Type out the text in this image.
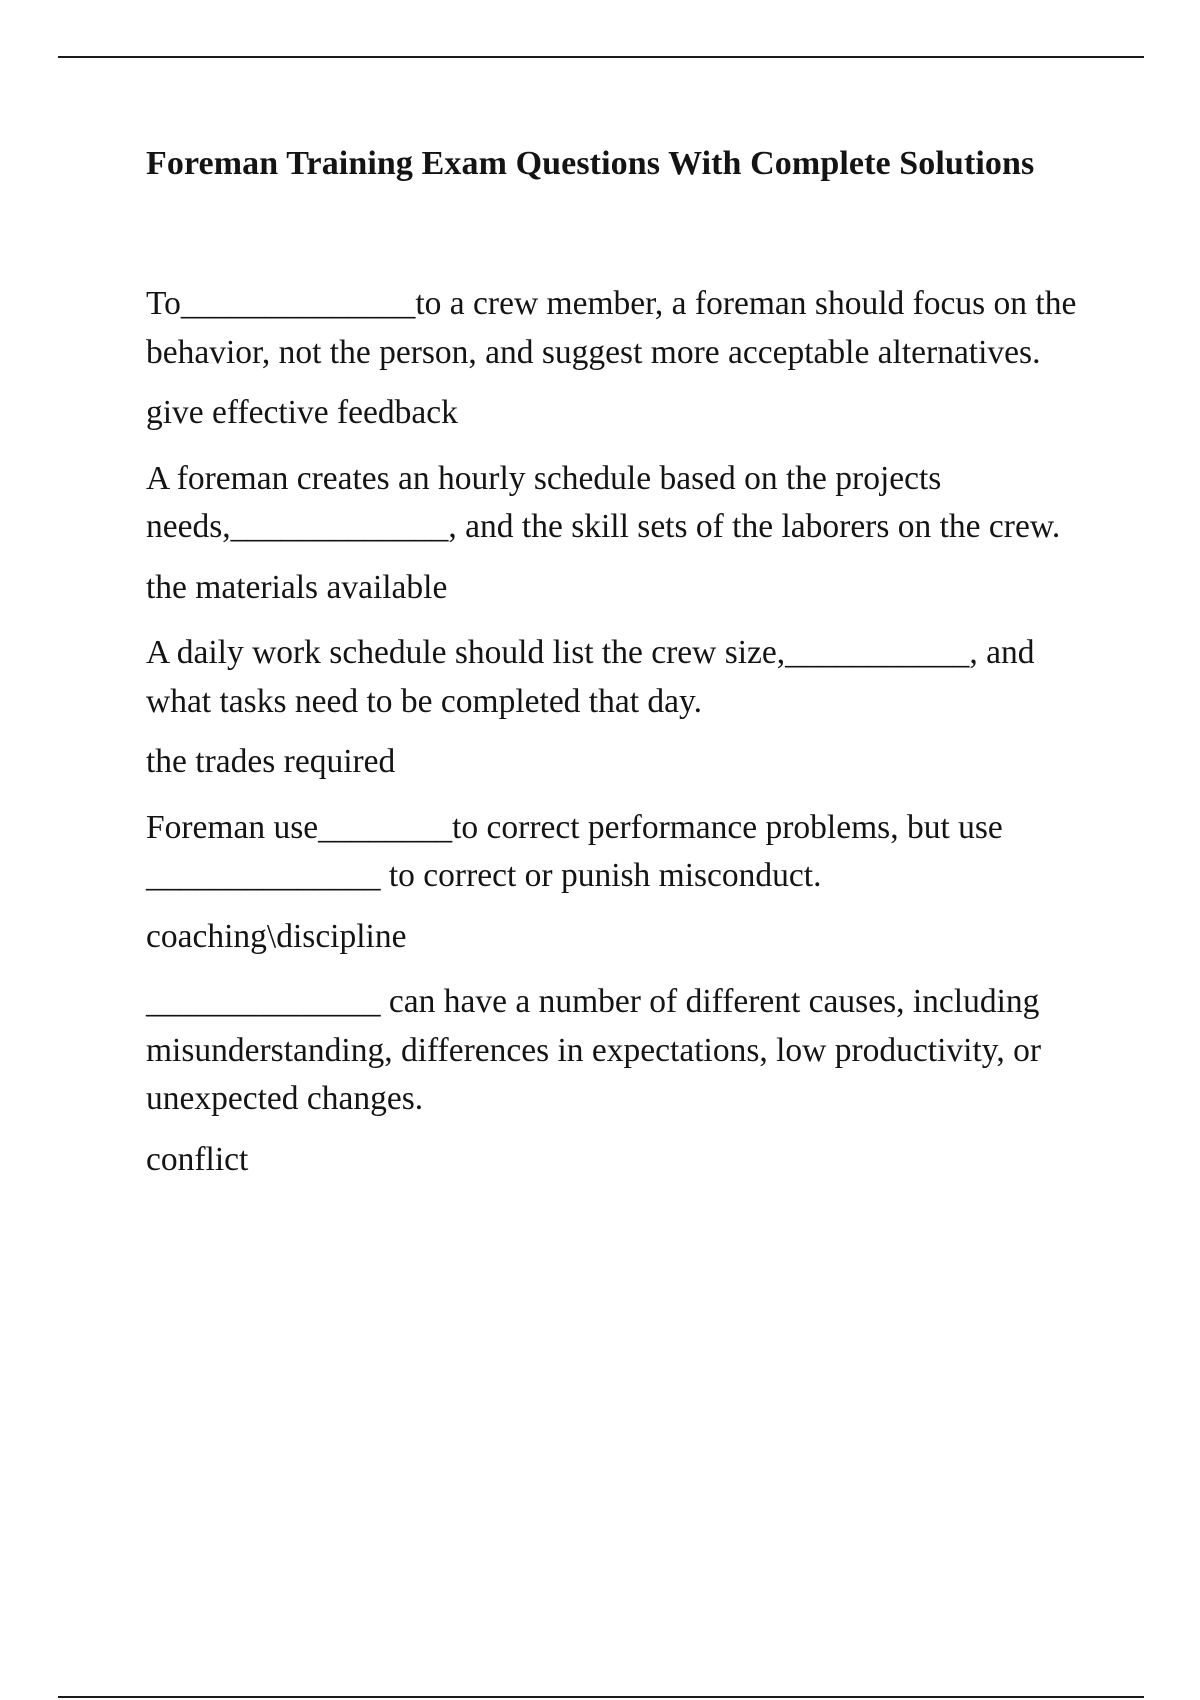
Foreman Training Exam Questions With Complete Solutions

To______________to a crew member, a foreman should focus on the behavior, not the person, and suggest more acceptable alternatives.

give effective feedback

A foreman creates an hourly schedule based on the projects needs,_____________, and the skill sets of the laborers on the crew.

the materials available

A daily work schedule should list the crew size,___________, and what tasks need to be completed that day.

the trades required

Foreman use________to correct performance problems, but use ______________ to correct or punish misconduct.

coaching\discipline

______________ can have a number of different causes, including misunderstanding, differences in expectations, low productivity, or unexpected changes.

conflict
